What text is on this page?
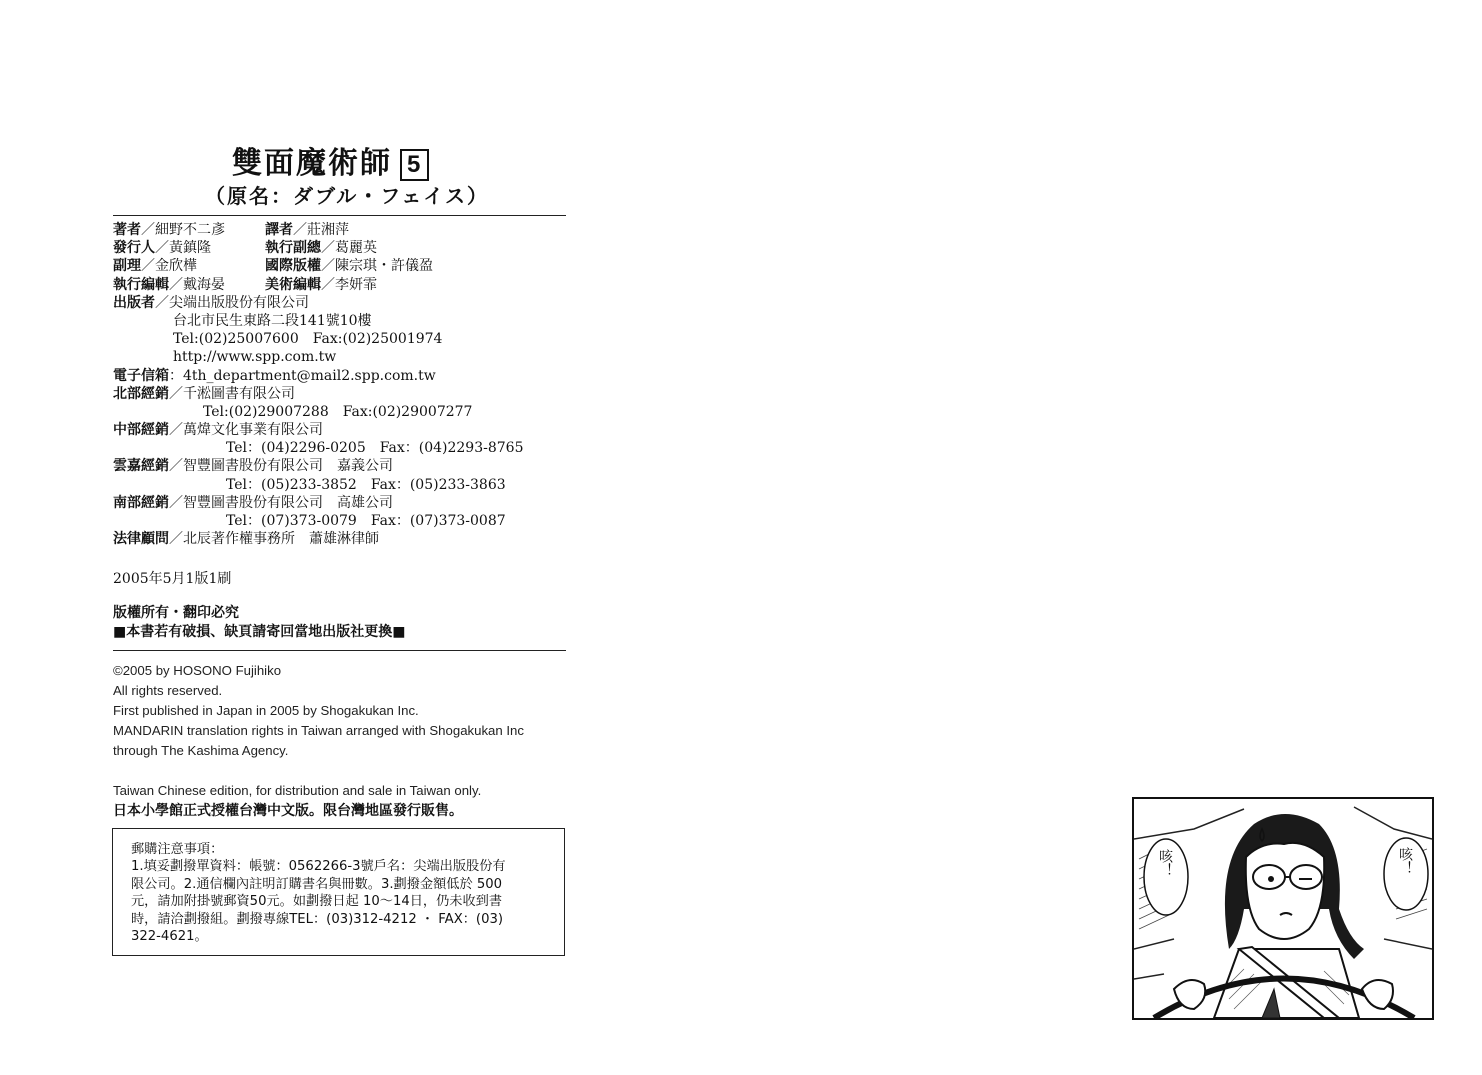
雙面魔術師 5
（原名：ダブル・フェイス）
著者／細野不二彥	譯者／莊湘萍
發行人／黃鎮隆	執行副總／葛麗英
副理／金欣樺	國際版權／陳宗琪・許儀盈
執行編輯／戴海晏	美術編輯／李妍霏
出版者／尖端出版股份有限公司
台北市民生東路二段141號10樓
Tel:(02)25007600　Fax:(02)25001974
http://www.spp.com.tw
電子信箱：4th_department@mail2.spp.com.tw
北部經銷／千淞圖書有限公司
Tel:(02)29007288　Fax:(02)29007277
中部經銷／萬煒文化事業有限公司
Tel：(04)2296-0205　Fax：(04)2293-8765
雲嘉經銷／智豐圖書股份有限公司　嘉義公司
Tel：(05)233-3852　Fax：(05)233-3863
南部經銷／智豐圖書股份有限公司　高雄公司
Tel：(07)373-0079　Fax：(07)373-0087
法律顧問／北辰著作權事務所　蕭雄淋律師
2005年5月1版1刷
版權所有・翻印必究
■本書若有破損、缺頁請寄回當地出版社更換■
©2005 by HOSONO Fujihiko
All rights reserved.
First published in Japan in 2005 by Shogakukan Inc.
MANDARIN translation rights in Taiwan arranged with Shogakukan Inc
through The Kashima Agency.
Taiwan Chinese edition, for distribution and sale in Taiwan only.
日本小學館正式授權台灣中文版。限台灣地區發行販售。
郵購注意事項：
1.填妥劃撥單資料：帳號：0562266-3號戶名：尖端出版股份有
限公司。2.通信欄內註明訂購書名與冊數。3.劃撥金額低於 500
元，請加附掛號郵資50元。如劃撥日起 10～14日，仍未收到書
時，請洽劃撥組。劃撥專線TEL：(03)312-4212 ・ FAX：(03)
322-4621。
咳！	咳！
